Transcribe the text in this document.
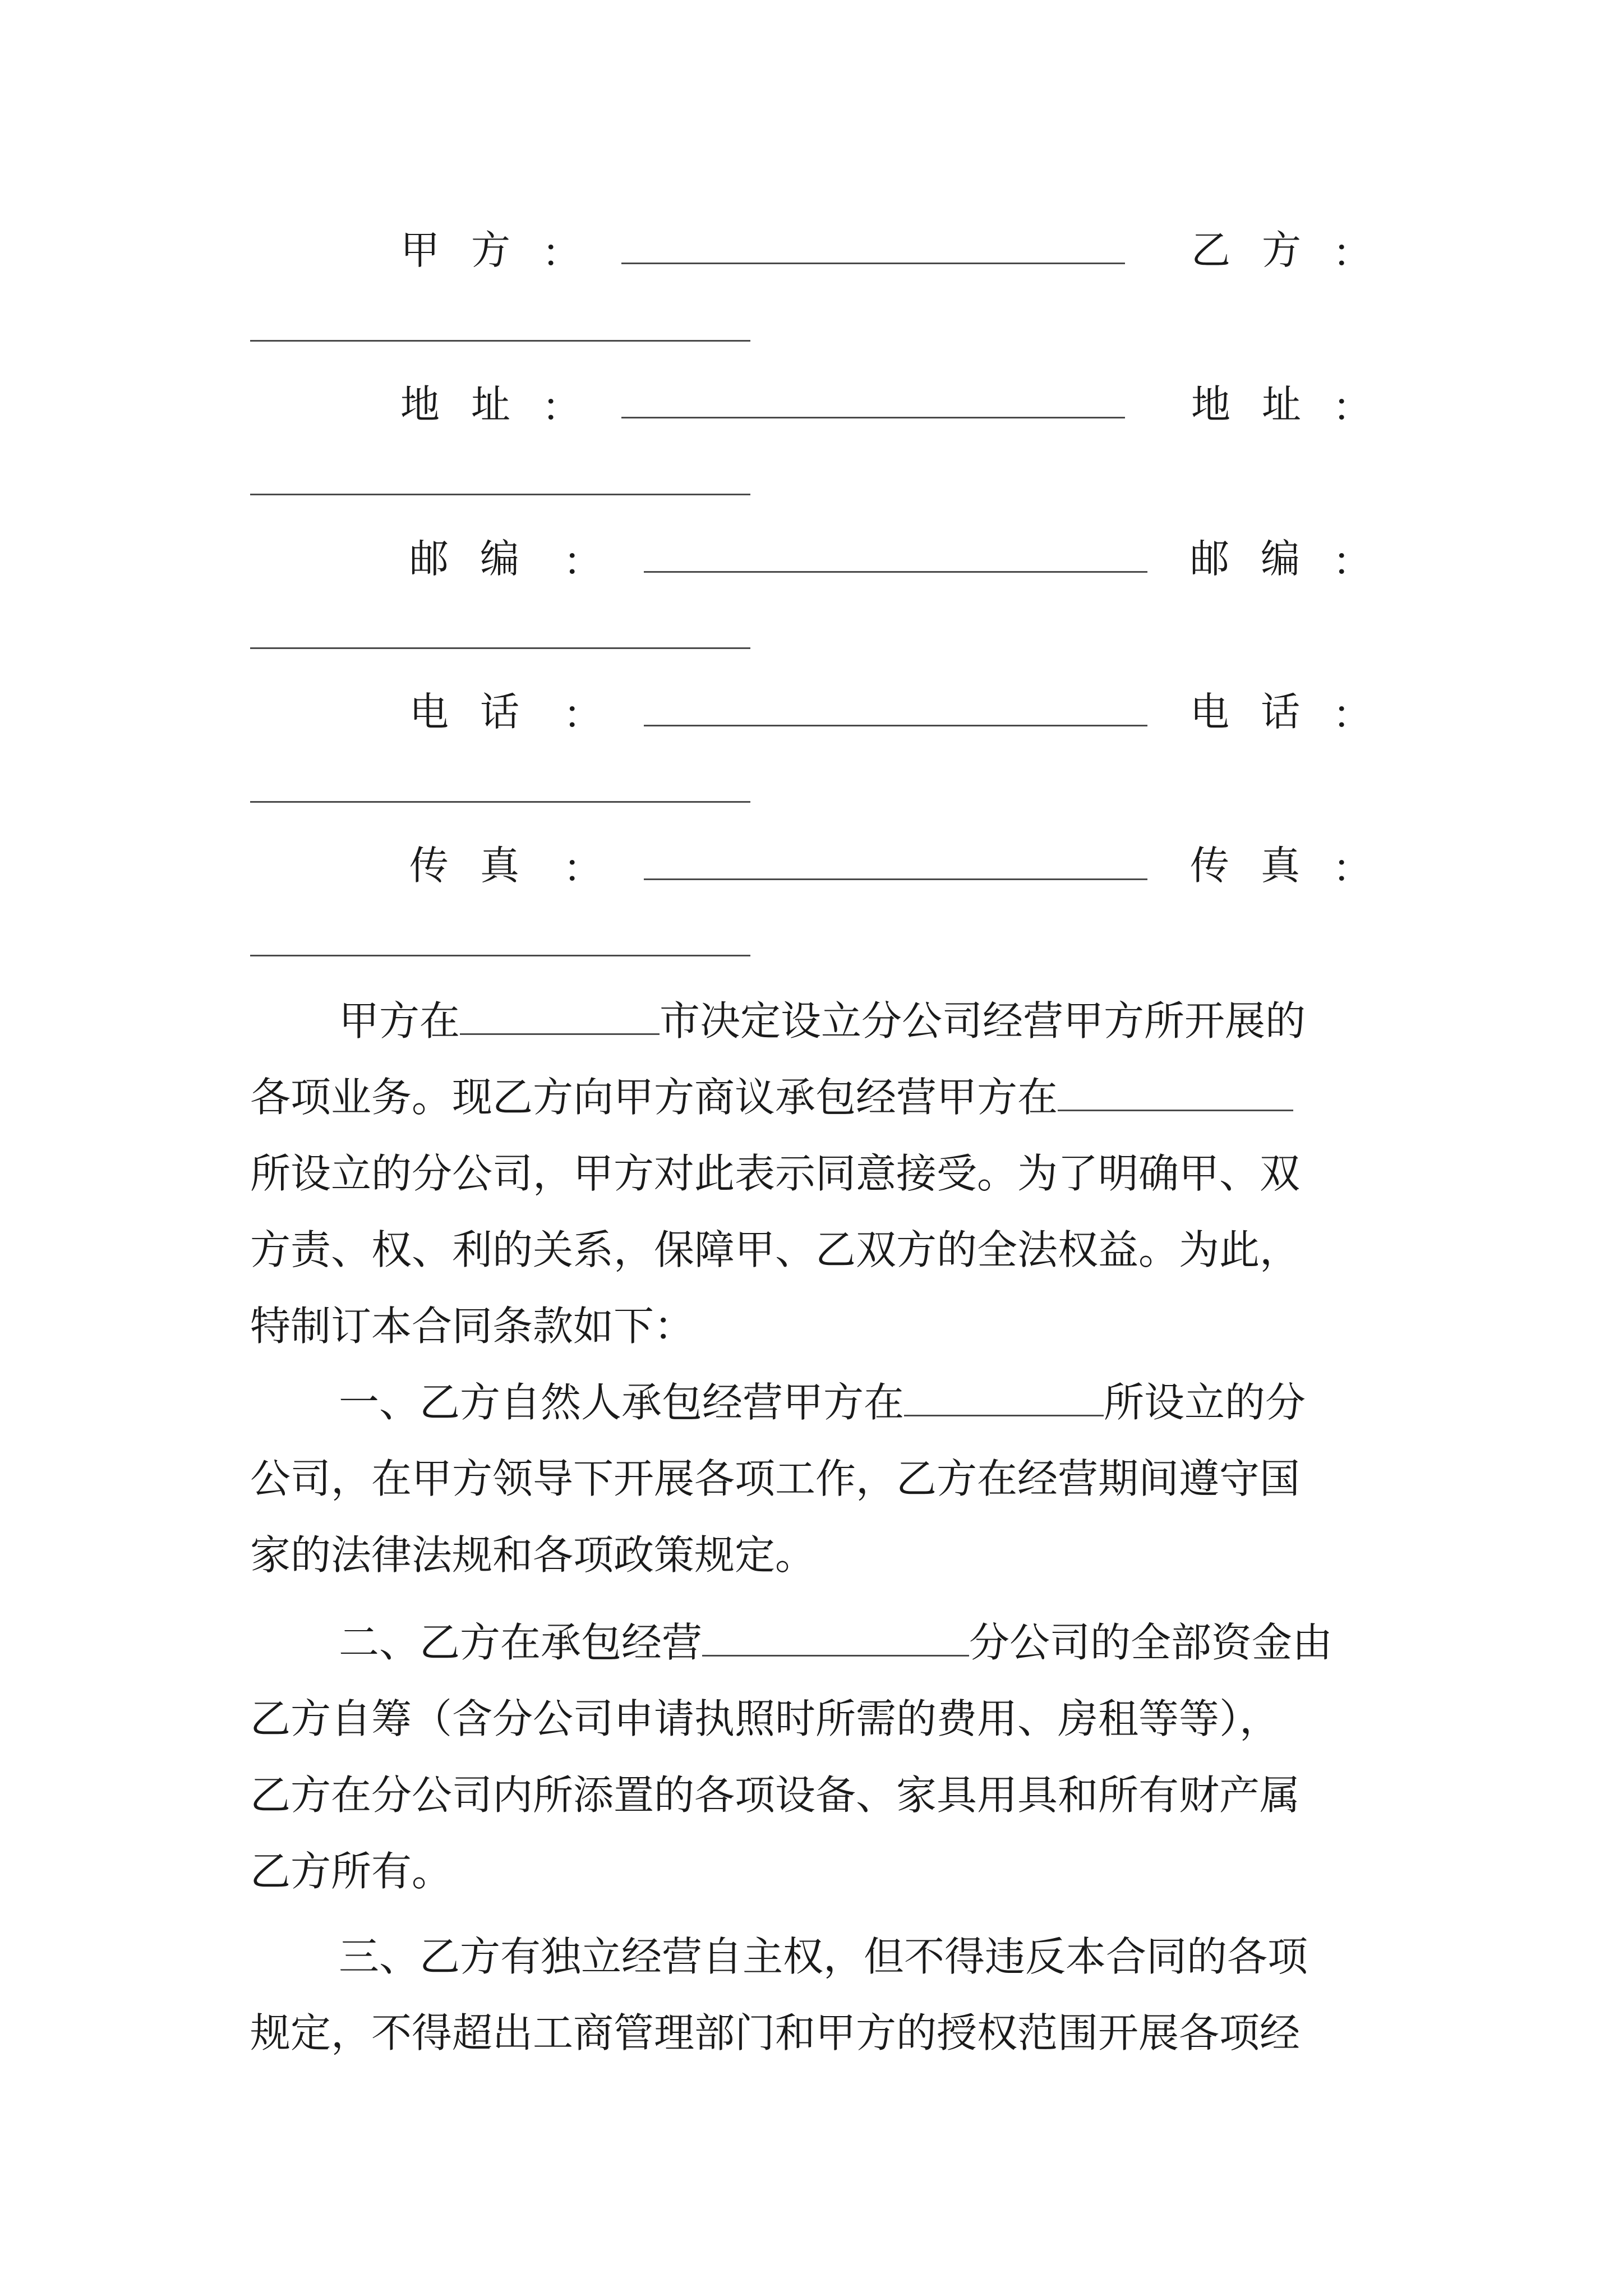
甲方 ：	乙方 ：
地址 ：	地址 ：
邮编 ：	邮编 ：
电话 ：	电话 ：
传真 ：	传真 ：
甲方在	市决定设立分公司经营甲方所开展的
各项业务。现乙方向甲方商议承包经营甲方在
所设立的分公司，甲方对此表示同意接受。为了明确甲、双
方责、权、利的关系，保障甲、乙双方的全法权益。为此，
特制订本合同条款如下：
一、乙方自然人承包经营甲方在	所设立的分
公司，在甲方领导下开展各项工作，乙方在经营期间遵守国
家的法律法规和各项政策规定。
二、乙方在承包经营	分公司的全部资金由
乙方自筹（含分公司申请执照时所需的费用、房租等等），
乙方在分公司内所添置的各项设备、家具用具和所有财产属
乙方所有。
三、乙方有独立经营自主权，但不得违反本合同的各项
规定，不得超出工商管理部门和甲方的授权范围开展各项经
